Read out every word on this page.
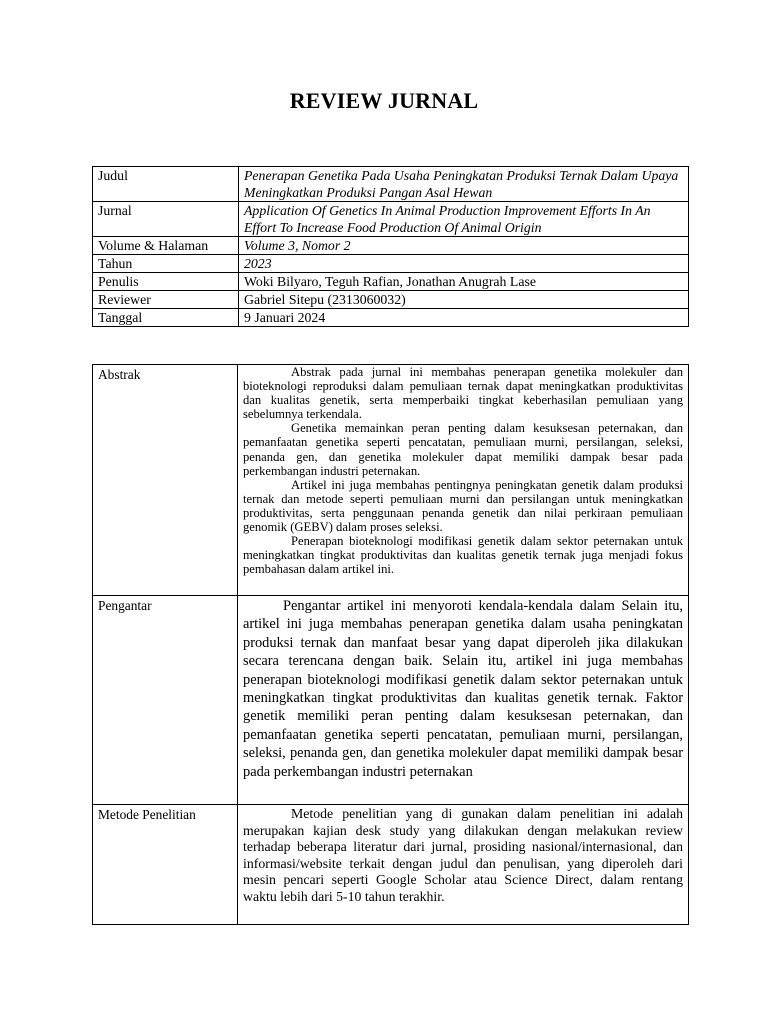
REVIEW JURNAL
Judul	Penerapan Genetika Pada Usaha Peningkatan Produksi Ternak Dalam Upaya Meningkatkan Produksi Pangan Asal Hewan
Jurnal	Application Of Genetics In Animal Production Improvement Efforts In An Effort To Increase Food Production Of Animal Origin
Volume & Halaman	Volume 3, Nomor 2
Tahun	2023
Penulis	Woki Bilyaro, Teguh Rafian, Jonathan Anugrah Lase
Reviewer	Gabriel Sitepu (2313060032)
Tanggal	9 Januari 2024
Abstrak	Abstrak pada jurnal ini membahas penerapan genetika molekuler dan bioteknologi reproduksi dalam pemuliaan ternak dapat meningkatkan produktivitas dan kualitas genetik, serta memperbaiki tingkat keberhasilan pemuliaan yang sebelumnya terkendala.

Genetika memainkan peran penting dalam kesuksesan peternakan, dan pemanfaatan genetika seperti pencatatan, pemuliaan murni, persilangan, seleksi, penanda gen, dan genetika molekuler dapat memiliki dampak besar pada perkembangan industri peternakan.

Artikel ini juga membahas pentingnya peningkatan genetik dalam produksi ternak dan metode seperti pemuliaan murni dan persilangan untuk meningkatkan produktivitas, serta penggunaan penanda genetik dan nilai perkiraan pemuliaan genomik (GEBV) dalam proses seleksi.

Penerapan bioteknologi modifikasi genetik dalam sektor peternakan untuk meningkatkan tingkat produktivitas dan kualitas genetik ternak juga menjadi fokus pembahasan dalam artikel ini.

Pengantar	Pengantar artikel ini menyoroti kendala-kendala dalam Selain itu, artikel ini juga membahas penerapan genetika dalam usaha peningkatan produksi ternak dan manfaat besar yang dapat diperoleh jika dilakukan secara terencana dengan baik. Selain itu, artikel ini juga membahas penerapan bioteknologi modifikasi genetik dalam sektor peternakan untuk meningkatkan tingkat produktivitas dan kualitas genetik ternak. Faktor genetik memiliki peran penting dalam kesuksesan peternakan, dan pemanfaatan genetika seperti pencatatan, pemuliaan murni, persilangan, seleksi, penanda gen, dan genetika molekuler dapat memiliki dampak besar pada perkembangan industri peternakan

Metode Penelitian	Metode penelitian yang di gunakan dalam penelitian ini adalah merupakan kajian desk study yang dilakukan dengan melakukan review terhadap beberapa literatur dari jurnal, prosiding nasional/internasional, dan informasi/website terkait dengan judul dan penulisan, yang diperoleh dari mesin pencari seperti Google Scholar atau Science Direct, dalam rentang waktu lebih dari 5-10 tahun terakhir.
